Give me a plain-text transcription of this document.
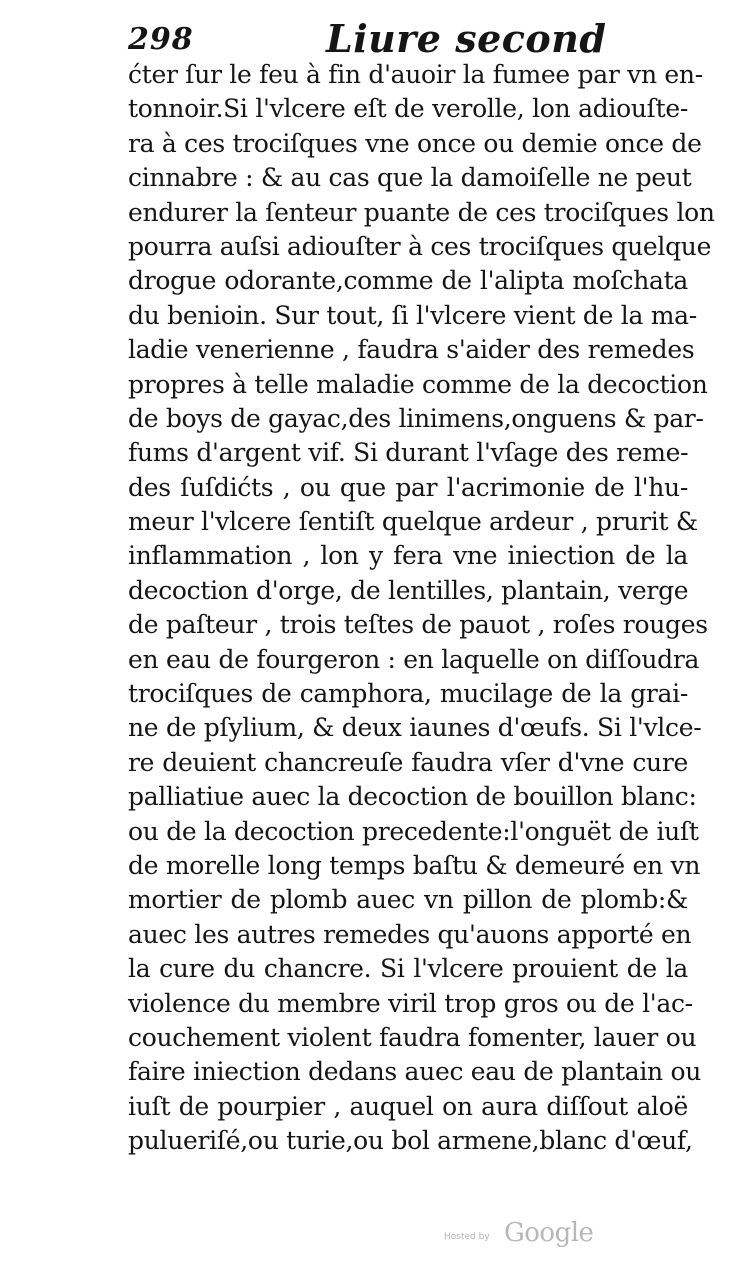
298	Liure second
ćter ſur le feu à fin d'auoir la fumee par vn en-
tonnoir.Si l'vlcere eſt de verolle, lon adiouſte-
ra à ces trociſques vne once ou demie once de
cinnabre : & au cas que la damoiſelle ne peut
endurer la ſenteur puante de ces trociſques lon
pourra auſsi adiouſter à ces trociſques quelque
drogue odorante,comme de l'alipta moſchata
du benioin. Sur tout, ſi l'vlcere vient de la ma-
ladie venerienne , faudra s'aider des remedes
propres à telle maladie comme de la decoction
de boys de gayac,des linimens,onguens & par-
fums d'argent vif. Si durant l'vſage des reme-
des ſuſdićts , ou que par l'acrimonie de l'hu-
meur l'vlcere ſentiſt quelque ardeur , prurit &
inflammation , lon y fera vne iniection de la
decoction d'orge, de lentilles, plantain, verge
de paſteur , trois teſtes de pauot , roſes rouges
en eau de fourgeron : en laquelle on diſſoudra
trociſques de camphora, mucilage de la grai-
ne de pſylium, & deux iaunes d'œufs. Si l'vlce-
re deuient chancreuſe faudra vſer d'vne cure
palliatiue auec la decoction de bouillon blanc:
ou de la decoction precedente:l'onguët de iuſt
de morelle long temps baſtu & demeuré en vn
mortier de plomb auec vn pillon de plomb:&
auec les autres remedes qu'auons apporté en
la cure du chancre. Si l'vlcere prouient de la
violence du membre viril trop gros ou de l'ac-
couchement violent faudra fomenter, lauer ou
faire iniection dedans auec eau de plantain ou
iuſt de pourpier , auquel on aura diſſout aloë
pulueriſé,ou turie,ou bol armene,blanc d'œuf,
Hosted by Google
